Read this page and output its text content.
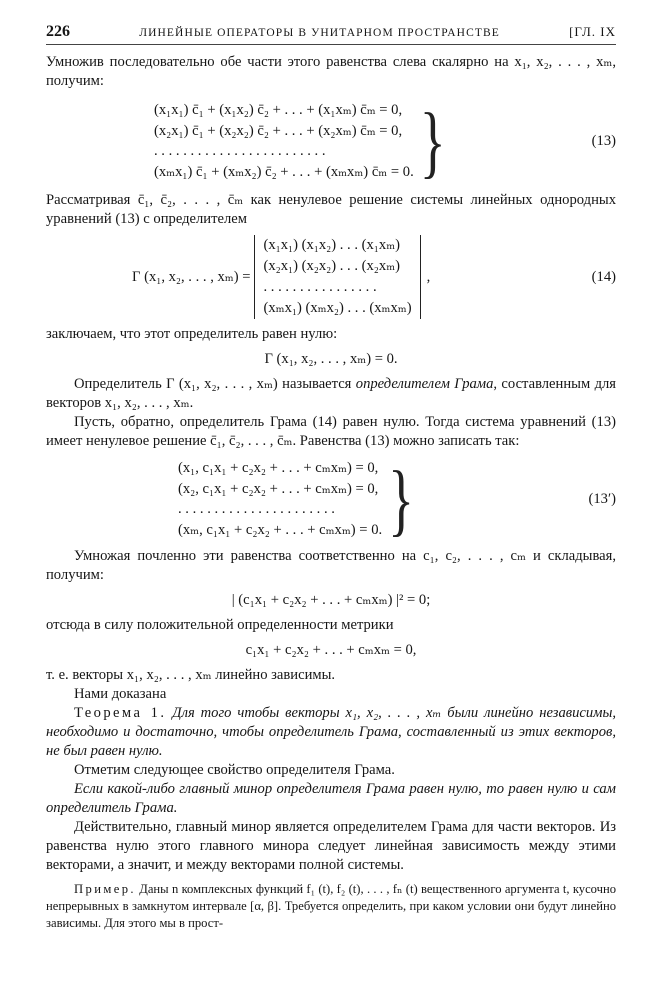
226	ЛИНЕЙНЫЕ ОПЕРАТОРЫ В УНИТАРНОМ ПРОСТРАНСТВЕ	[ГЛ. IX

Умножив последовательно обе части этого равенства слева скалярно на x₁, x₂, . . . , xₘ, получим:

(x₁x₁) c̄₁ + (x₁x₂) c̄₂ + . . . + (x₁xₘ) c̄ₘ = 0,
(x₂x₁) c̄₁ + (x₂x₂) c̄₂ + . . . + (x₂xₘ) c̄ₘ = 0,
. . . . . . . . . . . . . . . . . . . . . . . .
(xₘx₁) c̄₁ + (xₘx₂) c̄₂ + . . . + (xₘxₘ) c̄ₘ = 0. }	(13)

Рассматривая c̄₁, c̄₂, . . . , c̄ₘ как ненулевое решение системы линейных однородных уравнений (13) с определителем

Γ (x₁, x₂, . . . , xₘ) =
(x₁x₁) (x₁x₂) . . . (x₁xₘ)
(x₂x₁) (x₂x₂) . . . (x₂xₘ)
. . . . . . . . . . . . . . . .
(xₘx₁) (xₘx₂) . . . (xₘxₘ)
,	(14)

заключаем, что этот определитель равен нулю:

Γ (x₁, x₂, . . . , xₘ) = 0.

Определитель Γ (x₁, x₂, . . . , xₘ) называется определителем Грама, составленным для векторов x₁, x₂, . . . , xₘ.

Пусть, обратно, определитель Грама (14) равен нулю. Тогда система уравнений (13) имеет ненулевое решение c̄₁, c̄₂, . . . , c̄ₘ. Равенства (13) можно записать так:

(x₁, c₁x₁ + c₂x₂ + . . . + cₘxₘ) = 0,
(x₂, c₁x₁ + c₂x₂ + . . . + cₘxₘ) = 0,
. . . . . . . . . . . . . . . . . . . . . .
(xₘ, c₁x₁ + c₂x₂ + . . . + cₘxₘ) = 0. }	(13′)

Умножая почленно эти равенства соответственно на c₁, c₂, . . . , cₘ и складывая, получим:

| (c₁x₁ + c₂x₂ + . . . + cₘxₘ) |² = 0;

отсюда в силу положительной определенности метрики

c₁x₁ + c₂x₂ + . . . + cₘxₘ = 0,

т. е. векторы x₁, x₂, . . . , xₘ линейно зависимы.

Нами доказана

Теорема 1. Для того чтобы векторы x₁, x₂, . . . , xₘ были линейно независимы, необходимо и достаточно, чтобы определитель Грама, составленный из этих векторов, не был равен нулю.

Отметим следующее свойство определителя Грама.

Если какой-либо главный минор определителя Грама равен нулю, то равен нулю и сам определитель Грама.

Действительно, главный минор является определителем Грама для части векторов. Из равенства нулю этого главного минора следует линейная зависимость между этими векторами, а значит, и между векторами полной системы.

Пример. Даны n комплексных функций f₁ (t), f₂ (t), . . . , fₙ (t) вещественного аргумента t, кусочно непрерывных в замкнутом интервале [α, β]. Требуется определить, при каком условии они будут линейно зависимы. Для этого мы в прост-
